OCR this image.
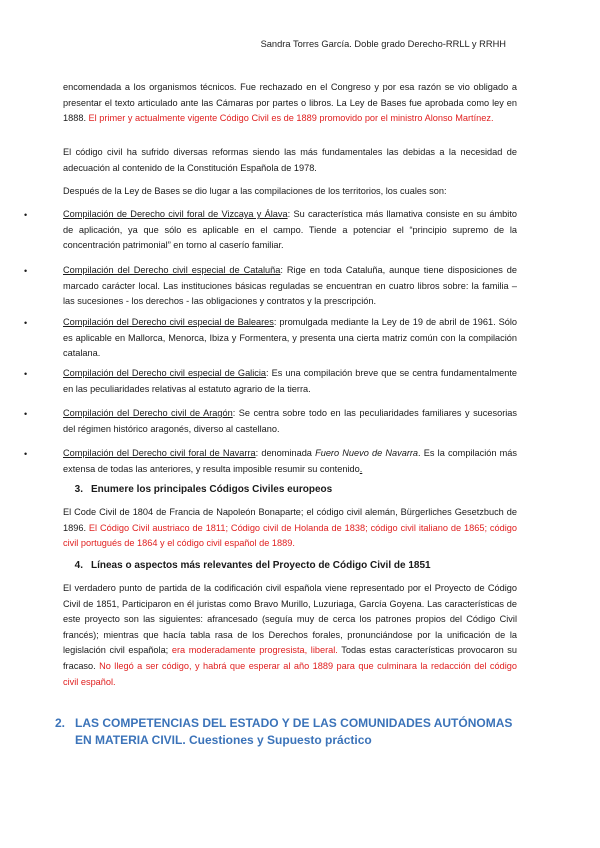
Sandra Torres García. Doble grado Derecho-RRLL y RRHH

encomendada a los organismos técnicos. Fue rechazado en el Congreso y por esa razón se vio obligado a presentar el texto articulado ante las Cámaras por partes o libros. La Ley de Bases fue aprobada como ley en 1888. El primer y actualmente vigente Código Civil es de 1889 promovido por el ministro Alonso Martínez.

El código civil ha sufrido diversas reformas siendo las más fundamentales las debidas a la necesidad de adecuación al contenido de la Constitución Española de 1978.

Después de la Ley de Bases se dio lugar a las compilaciones de los territorios, los cuales son:

•	Compilación de Derecho civil foral de Vizcaya y Álava: Su característica más llamativa consiste en su ámbito de aplicación, ya que sólo es aplicable en el campo. Tiende a potenciar el “principio supremo de la concentración patrimonial” en torno al caserío familiar.

•	Compilación del Derecho civil especial de Cataluña: Rige en toda Cataluña, aunque tiene disposiciones de marcado carácter local. Las instituciones básicas reguladas se encuentran en cuatro libros sobre: la familia – las sucesiones - los derechos - las obligaciones y contratos y la prescripción.

•	Compilación del Derecho civil especial de Baleares: promulgada mediante la Ley de 19 de abril de 1961. Sólo es aplicable en Mallorca, Menorca, Ibiza y Formentera, y presenta una cierta matriz común con la compilación catalana.

•	Compilación del Derecho civil especial de Galicia: Es una compilación breve que se centra fundamentalmente en las peculiaridades relativas al estatuto agrario de la tierra.

•	Compilación del Derecho civil de Aragón: Se centra sobre todo en las peculiaridades familiares y sucesorias del régimen histórico aragonés, diverso al castellano.

•	Compilación del Derecho civil foral de Navarra: denominada Fuero Nuevo de Navarra. Es la compilación más extensa de todas las anteriores, y resulta imposible resumir su contenido.

3. Enumere los principales Códigos Civiles europeos

El Code Civil de 1804 de Francia de Napoleón Bonaparte; el código civil alemán, Bürgerliches Gesetzbuch de 1896. El Código Civil austriaco de 1811; Código civil de Holanda de 1838; código civil italiano de 1865; código civil portugués de 1864 y el código civil español de 1889.

4. Líneas o aspectos más relevantes del Proyecto de Código Civil de 1851

El verdadero punto de partida de la codificación civil española viene representado por el Proyecto de Código Civil de 1851, Participaron en él juristas como Bravo Murillo, Luzuriaga, García Goyena. Las características de este proyecto son las siguientes: afrancesado (seguía muy de cerca los patrones propios del Código Civil francés); mientras que hacía tabla rasa de los Derechos forales, pronunciándose por la unificación de la legislación civil española; era moderadamente progresista, liberal. Todas estas características provocaron su fracaso. No llegó a ser código, y habrá que esperar al año 1889 para que culminara la redacción del código civil español.

2. LAS COMPETENCIAS DEL ESTADO Y DE LAS COMUNIDADES AUTÓNOMAS EN MATERIA CIVIL. Cuestiones y Supuesto práctico
